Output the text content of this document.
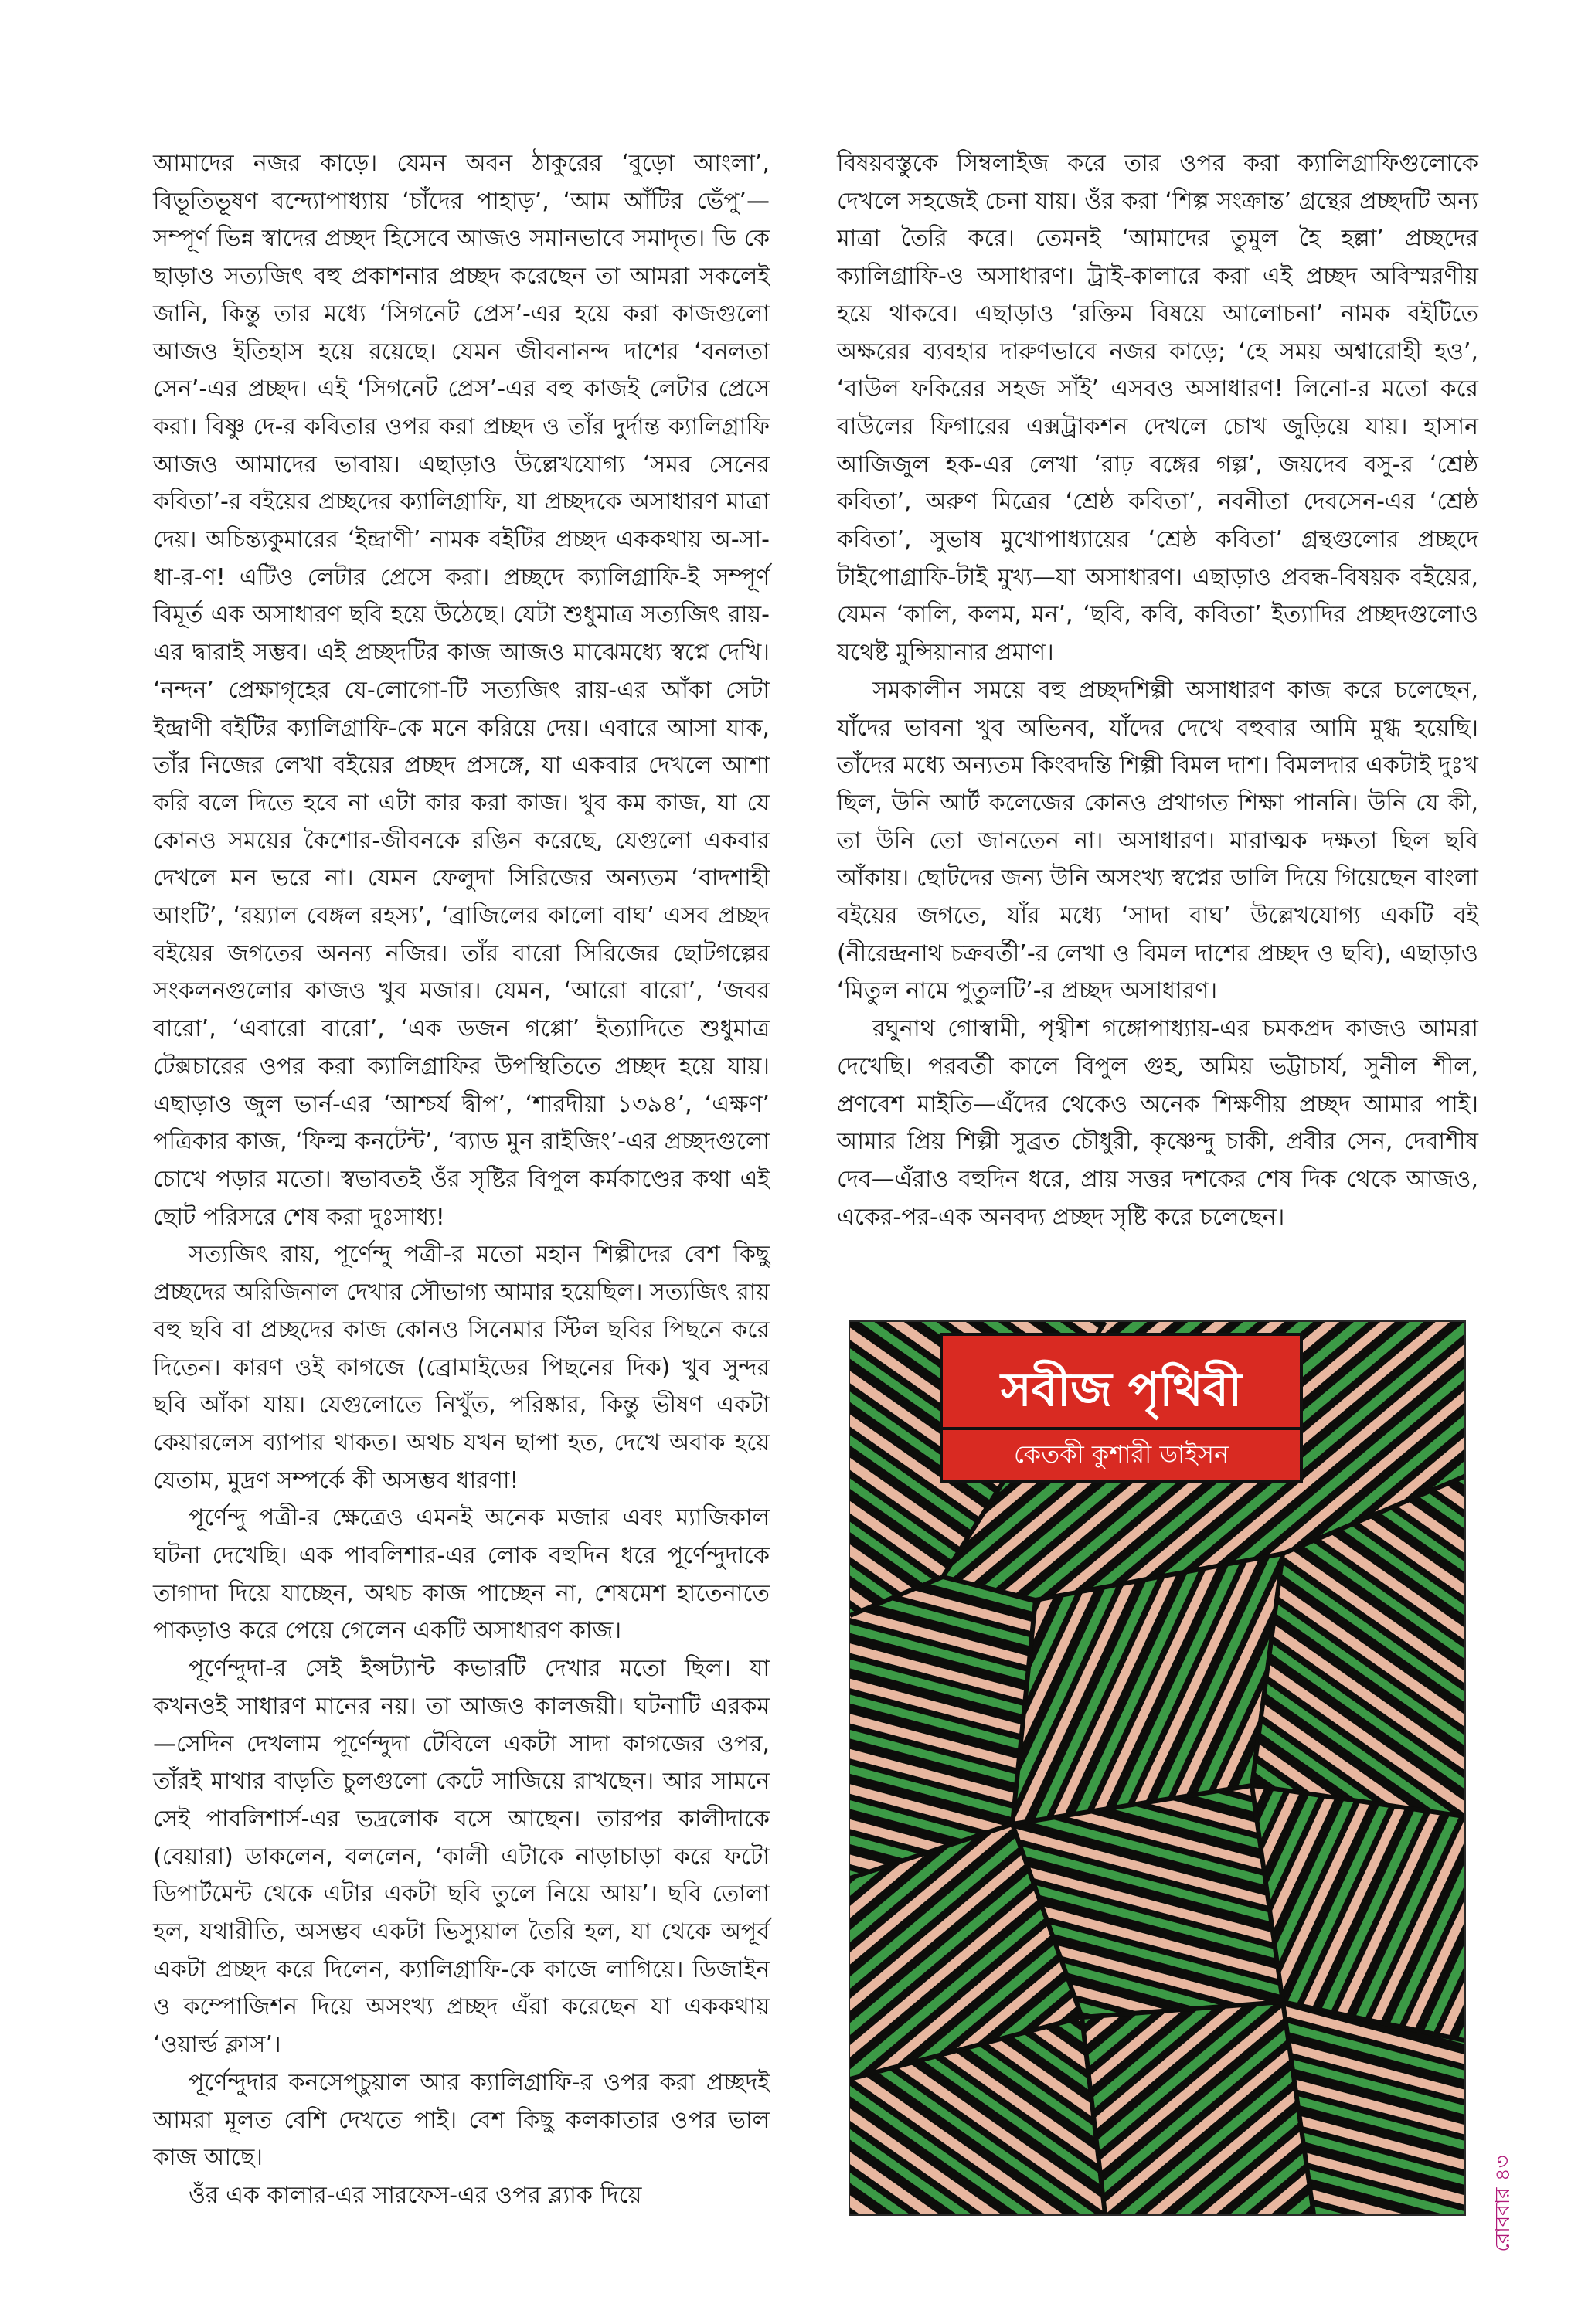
আমাদের নজর কাড়ে। যেমন অবন ঠাকুরের ‘বুড়ো আংলা’, বিভূতিভূষণ বন্দ্যোপাধ্যায় ‘চাঁদের পাহাড়’, ‘আম আঁটির ভেঁপু’—সম্পূর্ণ ভিন্ন স্বাদের প্রচ্ছদ হিসেবে আজও সমানভাবে সমাদৃত। ডি কে ছাড়াও সত্যজিৎ বহু প্রকাশনার প্রচ্ছদ করেছেন তা আমরা সকলেই জানি, কিন্তু তার মধ্যে ‘সিগনেট প্রেস’-এর হয়ে করা কাজগুলো আজও ইতিহাস হয়ে রয়েছে। যেমন জীবনানন্দ দাশের ‘বনলতা সেন’-এর প্রচ্ছদ। এই ‘সিগনেট প্রেস’-এর বহু কাজই লেটার প্রেসে করা। বিষ্ণু দে-র কবিতার ওপর করা প্রচ্ছদ ও তাঁর দুর্দান্ত ক্যালিগ্রাফি আজও আমাদের ভাবায়। এছাড়াও উল্লেখযোগ্য ‘সমর সেনের কবিতা’-র বইয়ের প্রচ্ছদের ক্যালিগ্রাফি, যা প্রচ্ছদকে অসাধারণ মাত্রা দেয়। অচিন্ত্যকুমারের ‘ইন্দ্রাণী’ নামক বইটির প্রচ্ছদ এককথায় অ-সা-ধা-র-ণ! এটিও লেটার প্রেসে করা। প্রচ্ছদে ক্যালিগ্রাফি-ই সম্পূর্ণ বিমূর্ত এক অসাধারণ ছবি হয়ে উঠেছে। যেটা শুধুমাত্র সত্যজিৎ রায়-এর দ্বারাই সম্ভব। এই প্রচ্ছদটির কাজ আজও মাঝেমধ্যে স্বপ্নে দেখি। ‘নন্দন’ প্রেক্ষাগৃহের যে-লোগো-টি সত্যজিৎ রায়-এর আঁকা সেটা ইন্দ্রাণী বইটির ক্যালিগ্রাফি-কে মনে করিয়ে দেয়। এবারে আসা যাক, তাঁর নিজের লেখা বইয়ের প্রচ্ছদ প্রসঙ্গে, যা একবার দেখলে আশা করি বলে দিতে হবে না এটা কার করা কাজ। খুব কম কাজ, যা যে কোনও সময়ের কৈশোর-জীবনকে রঙিন করেছে, যেগুলো একবার দেখলে মন ভরে না। যেমন ফেলুদা সিরিজের অন্যতম ‘বাদশাহী আংটি’, ‘রয়্যাল বেঙ্গল রহস্য’, ‘ব্রাজিলের কালো বাঘ’ এসব প্রচ্ছদ বইয়ের জগতের অনন্য নজির। তাঁর বারো সিরিজের ছোটগল্পের সংকলনগুলোর কাজও খুব মজার। যেমন, ‘আরো বারো’, ‘জবর বারো’, ‘এবারো বারো’, ‘এক ডজন গপ্পো’ ইত্যাদিতে শুধুমাত্র টেক্সচারের ওপর করা ক্যালিগ্রাফির উপস্থিতিতে প্রচ্ছদ হয়ে যায়। এছাড়াও জুল ভার্ন-এর ‘আশ্চর্য দ্বীপ’, ‘শারদীয়া ১৩৯৪’, ‘এক্ষণ’ পত্রিকার কাজ, ‘ফিল্ম কনটেন্ট’, ‘ব্যাড মুন রাইজিং’-এর প্রচ্ছদগুলো চোখে পড়ার মতো। স্বভাবতই ওঁর সৃষ্টির বিপুল কর্মকাণ্ডের কথা এই ছোট পরিসরে শেষ করা দুঃসাধ্য!

সত্যজিৎ রায়, পূর্ণেন্দু পত্রী-র মতো মহান শিল্পীদের বেশ কিছু প্রচ্ছদের অরিজিনাল দেখার সৌভাগ্য আমার হয়েছিল। সত্যজিৎ রায় বহু ছবি বা প্রচ্ছদের কাজ কোনও সিনেমার স্টিল ছবির পিছনে করে দিতেন। কারণ ওই কাগজে (ব্রোমাইডের পিছনের দিক) খুব সুন্দর ছবি আঁকা যায়। যেগুলোতে নিখুঁত, পরিষ্কার, কিন্তু ভীষণ একটা কেয়ারলেস ব্যাপার থাকত। অথচ যখন ছাপা হত, দেখে অবাক হয়ে যেতাম, মুদ্রণ সম্পর্কে কী অসম্ভব ধারণা!

পূর্ণেন্দু পত্রী-র ক্ষেত্রেও এমনই অনেক মজার এবং ম্যাজিকাল ঘটনা দেখেছি। এক পাবলিশার-এর লোক বহুদিন ধরে পূর্ণেন্দুদাকে তাগাদা দিয়ে যাচ্ছেন, অথচ কাজ পাচ্ছেন না, শেষমেশ হাতেনাতে পাকড়াও করে পেয়ে গেলেন একটি অসাধারণ কাজ।

পূর্ণেন্দুদা-র সেই ইন্সট্যান্ট কভারটি দেখার মতো ছিল। যা কখনওই সাধারণ মানের নয়। তা আজও কালজয়ী। ঘটনাটি এরকম—সেদিন দেখলাম পূর্ণেন্দুদা টেবিলে একটা সাদা কাগজের ওপর, তাঁরই মাথার বাড়তি চুলগুলো কেটে সাজিয়ে রাখছেন। আর সামনে সেই পাবলিশার্স-এর ভদ্রলোক বসে আছেন। তারপর কালীদাকে (বেয়ারা) ডাকলেন, বললেন, ‘কালী এটাকে নাড়াচাড়া করে ফটো ডিপার্টমেন্ট থেকে এটার একটা ছবি তুলে নিয়ে আয়’। ছবি তোলা হল, যথারীতি, অসম্ভব একটা ভিস্যুয়াল তৈরি হল, যা থেকে অপূর্ব একটা প্রচ্ছদ করে দিলেন, ক্যালিগ্রাফি-কে কাজে লাগিয়ে। ডিজাইন ও কম্পোজিশন দিয়ে অসংখ্য প্রচ্ছদ এঁরা করেছেন যা এককথায় ‘ওয়ার্ল্ড ক্লাস’।

পূর্ণেন্দুদার কনসেপ্‌চুয়াল আর ক্যালিগ্রাফি-র ওপর করা প্রচ্ছদই আমরা মূলত বেশি দেখতে পাই। বেশ কিছু কলকাতার ওপর ভাল কাজ আছে।

ওঁর এক কালার-এর সারফেস-এর ওপর ব্ল্যাক দিয়ে

বিষয়বস্তুকে সিম্বলাইজ করে তার ওপর করা ক্যালিগ্রাফিগুলোকে দেখলে সহজেই চেনা যায়। ওঁর করা ‘শিল্প সংক্রান্ত’ গ্রন্থের প্রচ্ছদটি অন্য মাত্রা তৈরি করে। তেমনই ‘আমাদের তুমুল হৈ হল্লা’ প্রচ্ছদের ক্যালিগ্রাফি-ও অসাধারণ। ট্রাই-কালারে করা এই প্রচ্ছদ অবিস্মরণীয় হয়ে থাকবে। এছাড়াও ‘রক্তিম বিষয়ে আলোচনা’ নামক বইটিতে অক্ষরের ব্যবহার দারুণভাবে নজর কাড়ে; ‘হে সময় অশ্বারোহী হও’, ‘বাউল ফকিরের সহজ সাঁই’ এসবও অসাধারণ! লিনো-র মতো করে বাউলের ফিগারের এক্সট্রাকশন দেখলে চোখ জুড়িয়ে যায়। হাসান আজিজুল হক-এর লেখা ‘রাঢ় বঙ্গের গল্প’, জয়দেব বসু-র ‘শ্রেষ্ঠ কবিতা’, অরুণ মিত্রের ‘শ্রেষ্ঠ কবিতা’, নবনীতা দেবসেন-এর ‘শ্রেষ্ঠ কবিতা’, সুভাষ মুখোপাধ্যায়ের ‘শ্রেষ্ঠ কবিতা’ গ্রন্থগুলোর প্রচ্ছদে টাইপোগ্রাফি-টাই মুখ্য—যা অসাধারণ। এছাড়াও প্রবন্ধ-বিষয়ক বইয়ের, যেমন ‘কালি, কলম, মন’, ‘ছবি, কবি, কবিতা’ ইত্যাদির প্রচ্ছদগুলোও যথেষ্ট মুন্সিয়ানার প্রমাণ।

সমকালীন সময়ে বহু প্রচ্ছদশিল্পী অসাধারণ কাজ করে চলেছেন, যাঁদের ভাবনা খুব অভিনব, যাঁদের দেখে বহুবার আমি মুগ্ধ হয়েছি। তাঁদের মধ্যে অন্যতম কিংবদন্তি শিল্পী বিমল দাশ। বিমলদার একটাই দুঃখ ছিল, উনি আর্ট কলেজের কোনও প্রথাগত শিক্ষা পাননি। উনি যে কী, তা উনি তো জানতেন না। অসাধারণ। মারাত্মক দক্ষতা ছিল ছবি আঁকায়। ছোটদের জন্য উনি অসংখ্য স্বপ্নের ডালি দিয়ে গিয়েছেন বাংলা বইয়ের জগতে, যাঁর মধ্যে ‘সাদা বাঘ’ উল্লেখযোগ্য একটি বই (নীরেন্দ্রনাথ চক্রবর্তী’-র লেখা ও বিমল দাশের প্রচ্ছদ ও ছবি), এছাড়াও ‘মিতুল নামে পুতুলটি’-র প্রচ্ছদ অসাধারণ।

রঘুনাথ গোস্বামী, পৃথ্বীশ গঙ্গোপাধ্যায়-এর চমকপ্রদ কাজও আমরা দেখেছি। পরবর্তী কালে বিপুল গুহ, অমিয় ভট্টাচার্য, সুনীল শীল, প্রণবেশ মাইতি—এঁদের থেকেও অনেক শিক্ষণীয় প্রচ্ছদ আমার পাই। আমার প্রিয় শিল্পী সুব্রত চৌধুরী, কৃষ্ণেন্দু চাকী, প্রবীর সেন, দেবাশীষ দেব—এঁরাও বহুদিন ধরে, প্রায় সত্তর দশকের শেষ দিক থেকে আজও, একের-পর-এক অনবদ্য প্রচ্ছদ সৃষ্টি করে চলেছেন।

সবীজ পৃথিবী
কেতকী কুশারী ডাইসন
রোববার ৪৩
